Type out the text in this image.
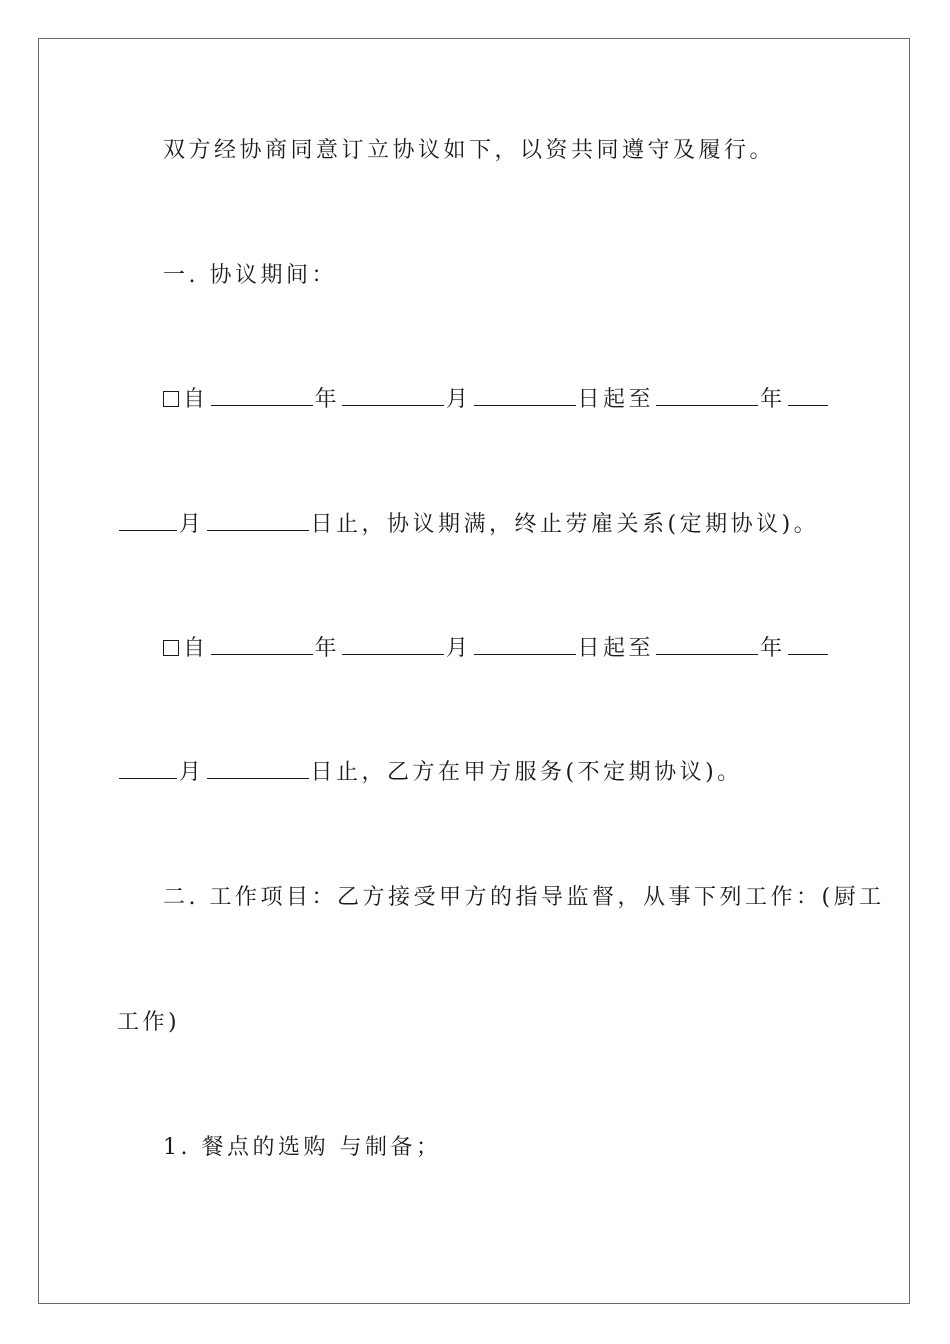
双方经协商同意订立协议如下，以资共同遵守及履行。
一. 协议期间：
自	年	月	日起至	年
月	日止，协议期满，终止劳雇关系(定期协议)。
自	年	月	日起至	年
月	日止，乙方在甲方服务(不定期协议)。
二. 工作项目：乙方接受甲方的指导监督，从事下列工作：(厨工
工作)
1. 餐点的选购 与制备；
